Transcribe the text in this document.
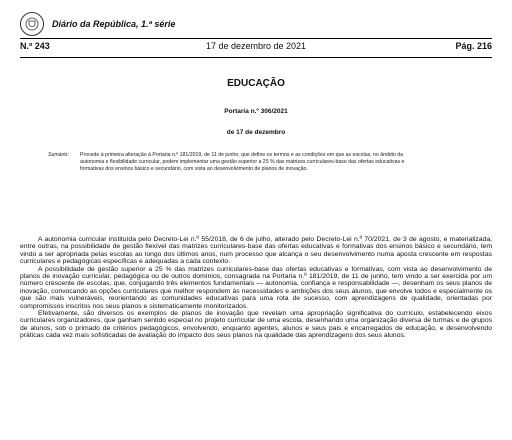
Diário da República, 1.ª série
N.º 243	17 de dezembro de 2021	Pág. 216
EDUCAÇÃO
Portaria n.º 306/2021
de 17 de dezembro
Sumário: Procede à primeira alteração à Portaria n.º 181/2019, de 11 de junho, que define os termos e as condições em que as escolas, no âmbito da autonomia e flexibilidade curricular, podem implementar uma gestão superior a 25 % das matrizes curriculares-base das ofertas educativas e formativas dos ensinos básico e secundário, com vista ao desenvolvimento de planos de inovação.

A autonomia curricular instituída pelo Decreto-Lei n.º 55/2018, de 6 de julho, alterado pelo Decreto-Lei n.º 70/2021, de 3 de agosto, e materializada, entre outras, na possibilidade de gestão flexível das matrizes curriculares-base das ofertas educativas e formativas dos ensinos básico e secundário, tem vindo a ser apropriada pelas escolas ao longo dos últimos anos, num processo que alcança o seu desenvolvimento numa aposta crescente em respostas curriculares e pedagógicas específicas e adequadas a cada contexto.

A possibilidade de gestão superior a 25 % das matrizes curriculares-base das ofertas educativas e formativas, com vista ao desenvolvimento de planos de inovação curricular, pedagógica ou de outros domínios, consagrada na Portaria n.º 181/2019, de 11 de junho, tem vindo a ser exercida por um número crescente de escolas, que, conjugando três elementos fundamentais — autonomia, confiança e responsabilidade —, desenham os seus planos de inovação, convocando as opções curriculares que melhor respondem às necessidades e ambições dos seus alunos, que envolve todos e especialmente os que são mais vulneráveis, reorientando as comunidades educativas para uma rota de sucesso, com aprendizagens de qualidade, orientadas por compromissos inscritos nos seus planos e sistematicamente monitorizados.

Efetivamente, são diversos os exemplos de planos de inovação que revelam uma apropriação significativa do currículo, estabelecendo eixos curriculares organizadores, que ganham sentido especial no projeto curricular de uma escola, desenhando uma organização diversa de turmas e de grupos de alunos, sob o primado de critérios pedagógicos, envolvendo, enquanto agentes, alunos e seus pais e encarregados de educação, e desenvolvendo práticas cada vez mais sofisticadas de avaliação do impacto dos seus planos na qualidade das aprendizagens dos seus alunos.
